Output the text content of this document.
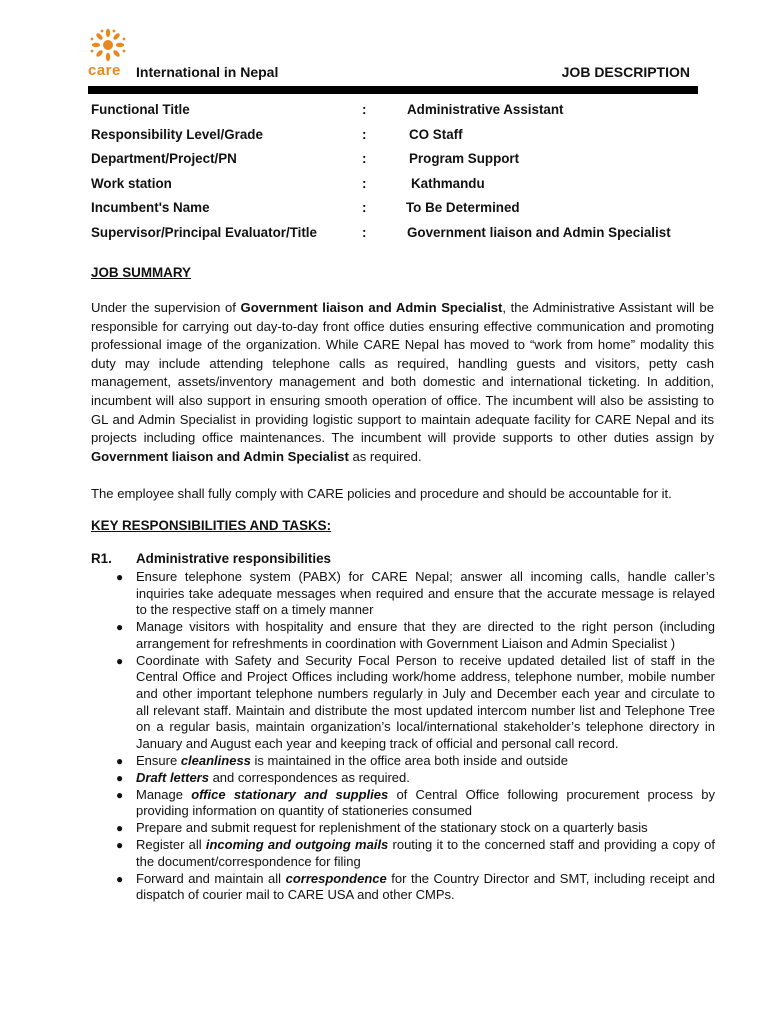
care International in Nepal	JOB DESCRIPTION
Functional Title	:	Administrative Assistant
Responsibility Level/Grade	:	CO Staff
Department/Project/PN	:	Program Support
Work station	:	Kathmandu
Incumbent's Name	:	To Be Determined
Supervisor/Principal Evaluator/Title	:	Government liaison and Admin Specialist
JOB SUMMARY

Under the supervision of Government liaison and Admin Specialist, the Administrative Assistant will be responsible for carrying out day-to-day front office duties ensuring effective communication and promoting professional image of the organization. While CARE Nepal has moved to “work from home” modality this duty may include attending telephone calls as required, handling guests and visitors, petty cash management, assets/inventory management and both domestic and international ticketing. In addition, incumbent will also support in ensuring smooth operation of office. The incumbent will also be assisting to GL and Admin Specialist in providing logistic support to maintain adequate facility for CARE Nepal and its projects including office maintenances. The incumbent will provide supports to other duties assign by Government liaison and Admin Specialist as required.

The employee shall fully comply with CARE policies and procedure and should be accountable for it.

KEY RESPONSIBILITIES AND TASKS:
R1. Administrative responsibilities
● Ensure telephone system (PABX) for CARE Nepal; answer all incoming calls, handle caller’s inquiries take adequate messages when required and ensure that the accurate message is relayed to the respective staff on a timely manner
● Manage visitors with hospitality and ensure that they are directed to the right person (including arrangement for refreshments in coordination with Government Liaison and Admin Specialist )
● Coordinate with Safety and Security Focal Person to receive updated detailed list of staff in the Central Office and Project Offices including work/home address, telephone number, mobile number and other important telephone numbers regularly in July and December each year and circulate to all relevant staff. Maintain and distribute the most updated intercom number list and Telephone Tree on a regular basis, maintain organization’s local/international stakeholder’s telephone directory in January and August each year and keeping track of official and personal call record.
● Ensure cleanliness is maintained in the office area both inside and outside
● Draft letters and correspondences as required.
● Manage office stationary and supplies of Central Office following procurement process by providing information on quantity of stationeries consumed
● Prepare and submit request for replenishment of the stationary stock on a quarterly basis
● Register all incoming and outgoing mails routing it to the concerned staff and providing a copy of the document/correspondence for filing
● Forward and maintain all correspondence for the Country Director and SMT, including receipt and dispatch of courier mail to CARE USA and other CMPs.
